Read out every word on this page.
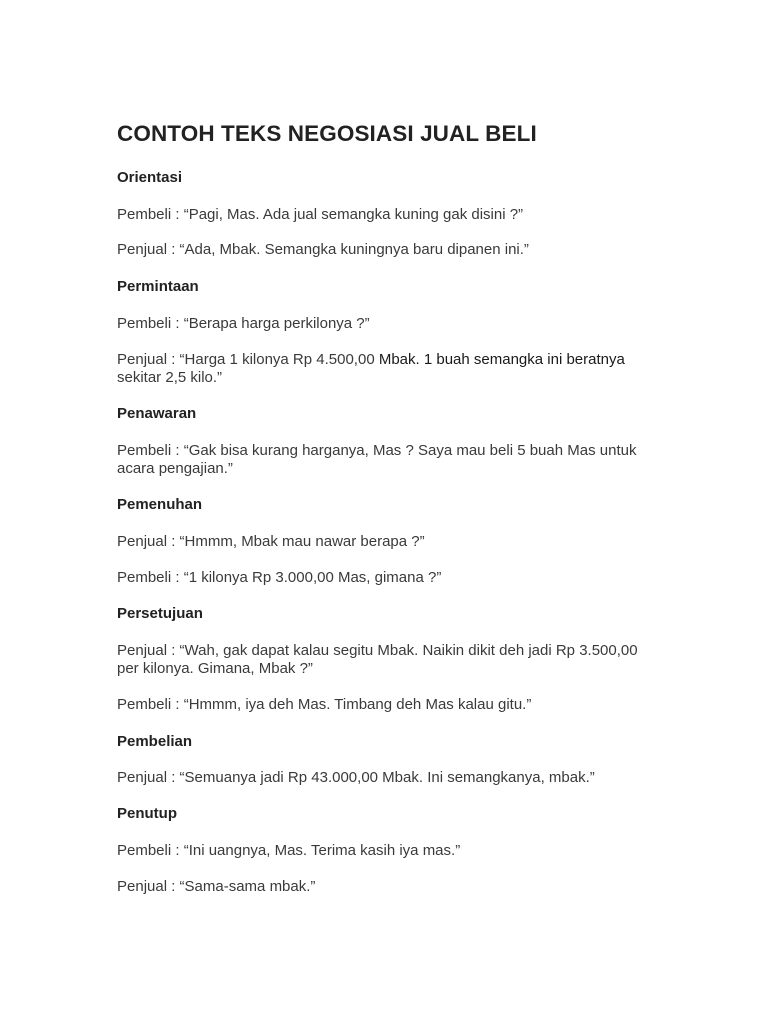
CONTOH TEKS NEGOSIASI JUAL BELI

Orientasi

Pembeli : “Pagi, Mas. Ada jual semangka kuning gak disini ?”

Penjual : “Ada, Mbak. Semangka kuningnya baru dipanen ini.”

Permintaan

Pembeli : “Berapa harga perkilonya ?”

Penjual : “Harga 1 kilonya Rp 4.500,00 Mbak. 1 buah semangka ini beratnya

sekitar 2,5 kilo.”

Penawaran

Pembeli : “Gak bisa kurang harganya, Mas ? Saya mau beli 5 buah Mas untuk

acara pengajian.”

Pemenuhan

Penjual : “Hmmm, Mbak mau nawar berapa ?”

Pembeli : “1 kilonya Rp 3.000,00 Mas, gimana ?”

Persetujuan

Penjual : “Wah, gak dapat kalau segitu Mbak. Naikin dikit deh jadi Rp 3.500,00

per kilonya. Gimana, Mbak ?”

Pembeli : “Hmmm, iya deh Mas. Timbang deh Mas kalau gitu.”

Pembelian

Penjual : “Semuanya jadi Rp 43.000,00 Mbak. Ini semangkanya, mbak.”

Penutup

Pembeli : “Ini uangnya, Mas. Terima kasih iya mas.”

Penjual : “Sama-sama mbak.”
